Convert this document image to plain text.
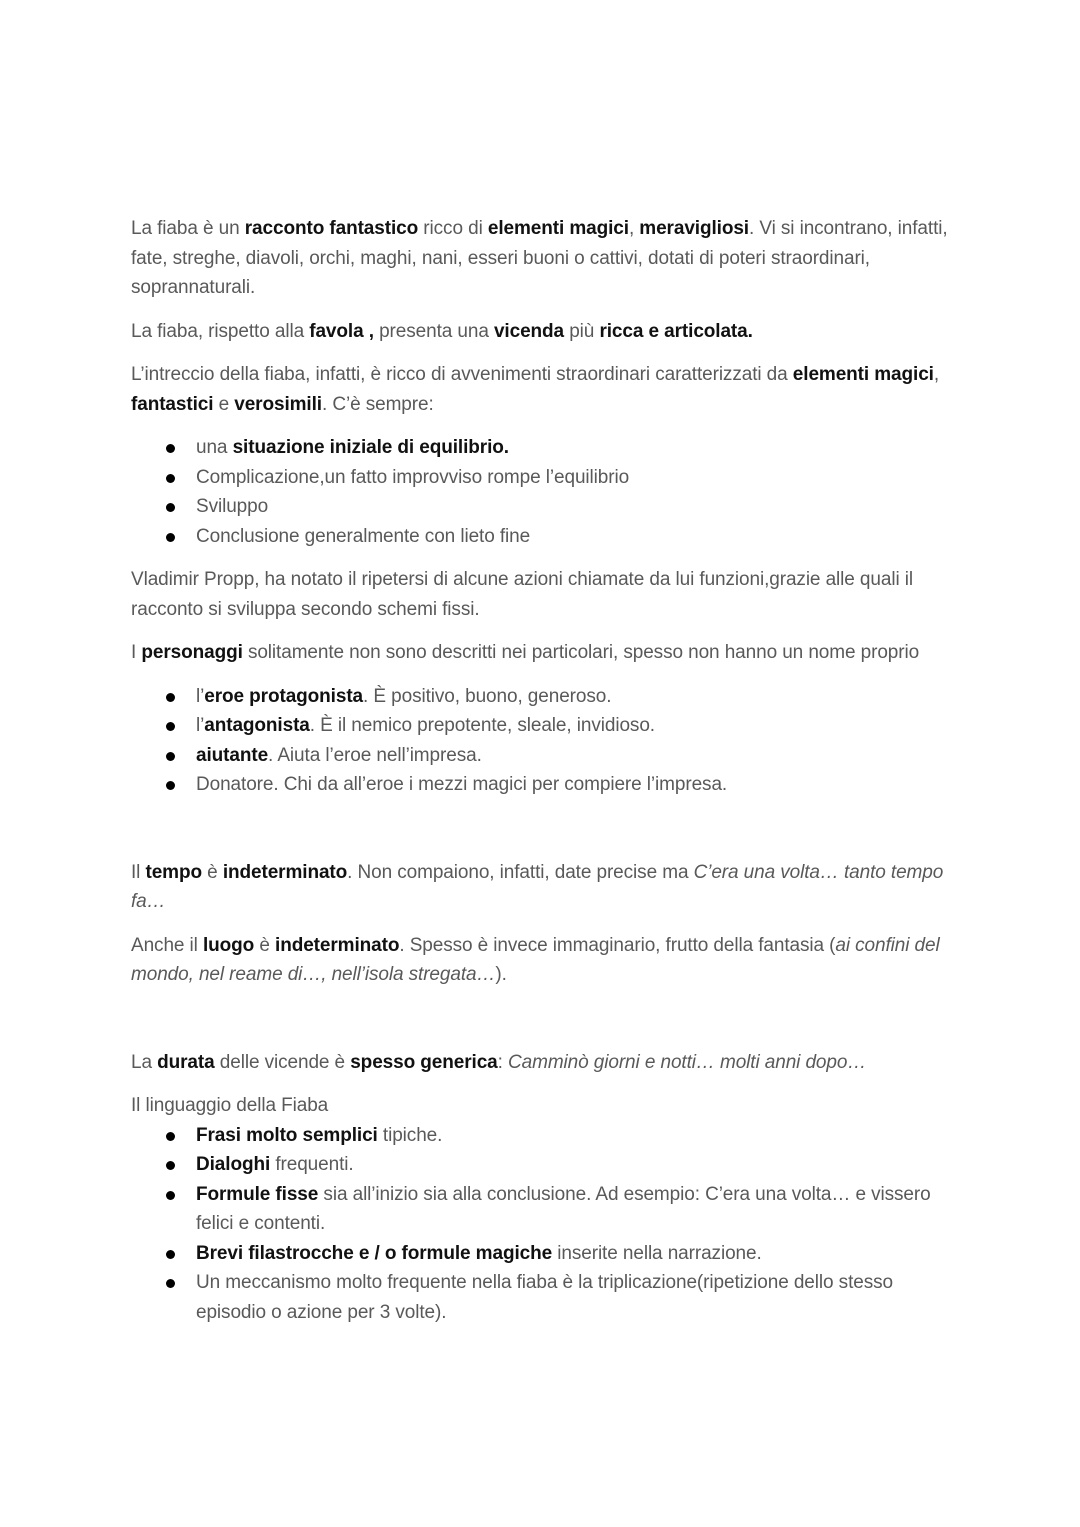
La fiaba è un racconto fantastico ricco di elementi magici, meravigliosi. Vi si incontrano, infatti, fate, streghe, diavoli, orchi, maghi, nani, esseri buoni o cattivi, dotati di poteri straordinari, soprannaturali.

La fiaba, rispetto alla favola , presenta una vicenda più ricca e articolata.

L’intreccio della fiaba, infatti, è ricco di avvenimenti straordinari caratterizzati da elementi magici, fantastici e verosimili. C’è sempre:

una situazione iniziale di equilibrio.
Complicazione,un fatto improvviso rompe l’equilibrio
Sviluppo
Conclusione generalmente con lieto fine

Vladimir Propp, ha notato il ripetersi di alcune azioni chiamate da lui funzioni,grazie alle quali il racconto si sviluppa secondo schemi fissi.

I personaggi solitamente non sono descritti nei particolari, spesso non hanno un nome proprio

l’eroe protagonista. È positivo, buono, generoso.
l’antagonista. È il nemico prepotente, sleale, invidioso.
aiutante. Aiuta l’eroe nell’impresa.
Donatore. Chi da all’eroe i mezzi magici per compiere l’impresa.

Il tempo è indeterminato. Non compaiono, infatti, date precise ma C’era una volta… tanto tempo fa…

Anche il luogo è indeterminato. Spesso è invece immaginario, frutto della fantasia (ai confini del mondo, nel reame di…, nell’isola stregata…).

La durata delle vicende è spesso generica: Camminò giorni e notti… molti anni dopo…

Il linguaggio della Fiaba

Frasi molto semplici tipiche.
Dialoghi frequenti.
Formule fisse sia all’inizio sia alla conclusione. Ad esempio: C’era una volta… e vissero felici e contenti.
Brevi filastrocche e / o formule magiche inserite nella narrazione.
Un meccanismo molto frequente nella fiaba è la triplicazione(ripetizione dello stesso episodio o azione per 3 volte).
